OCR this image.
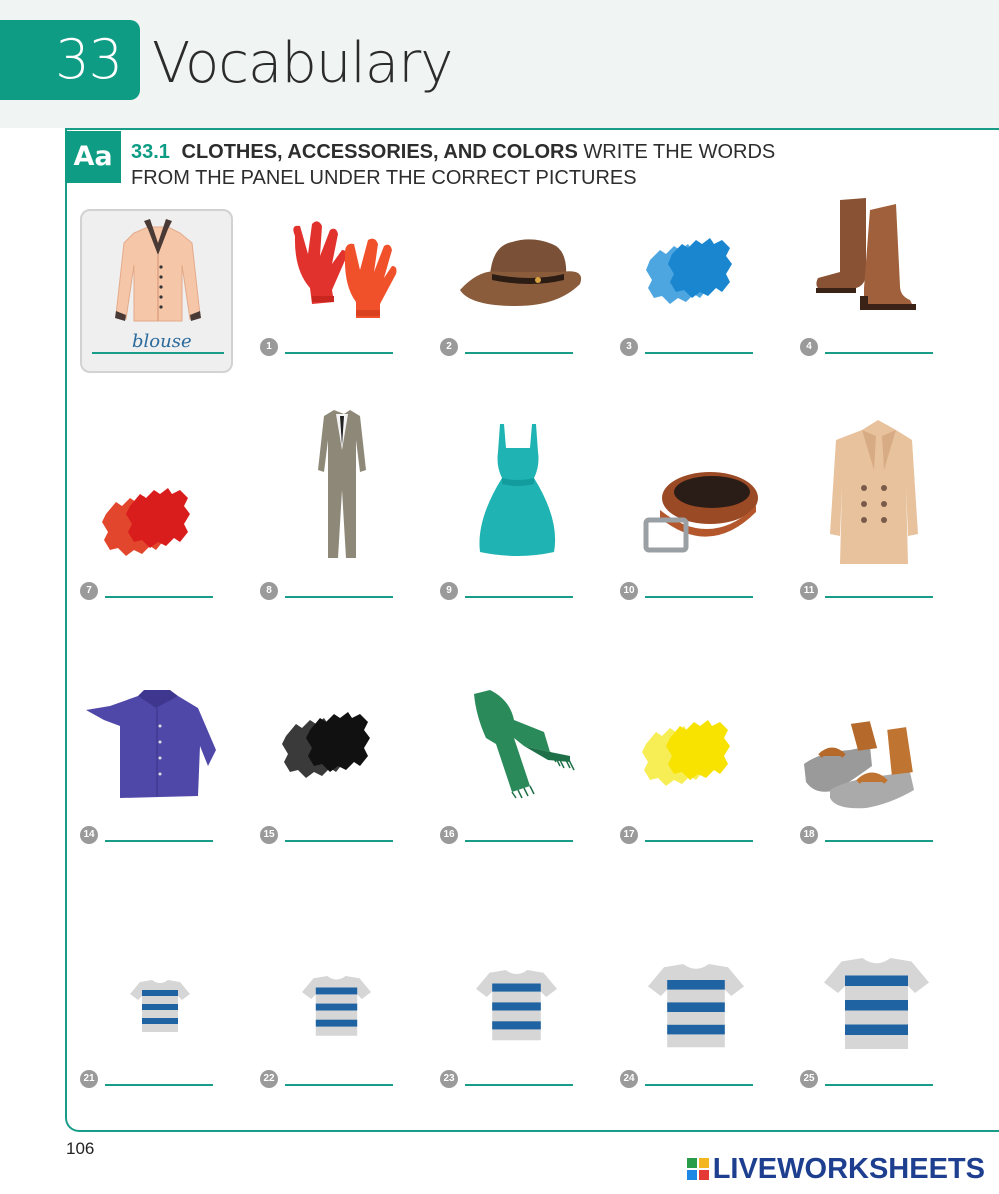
33 Vocabulary
Aa 33.1 CLOTHES, ACCESSORIES, AND COLORS WRITE THE WORDS FROM THE PANEL UNDER THE CORRECT PICTURES
blouse	1	2	3	4
7	8	9	10	11
14	15	16	17	18
21	22	23	24	25
106
LIVEWORKSHEETS
